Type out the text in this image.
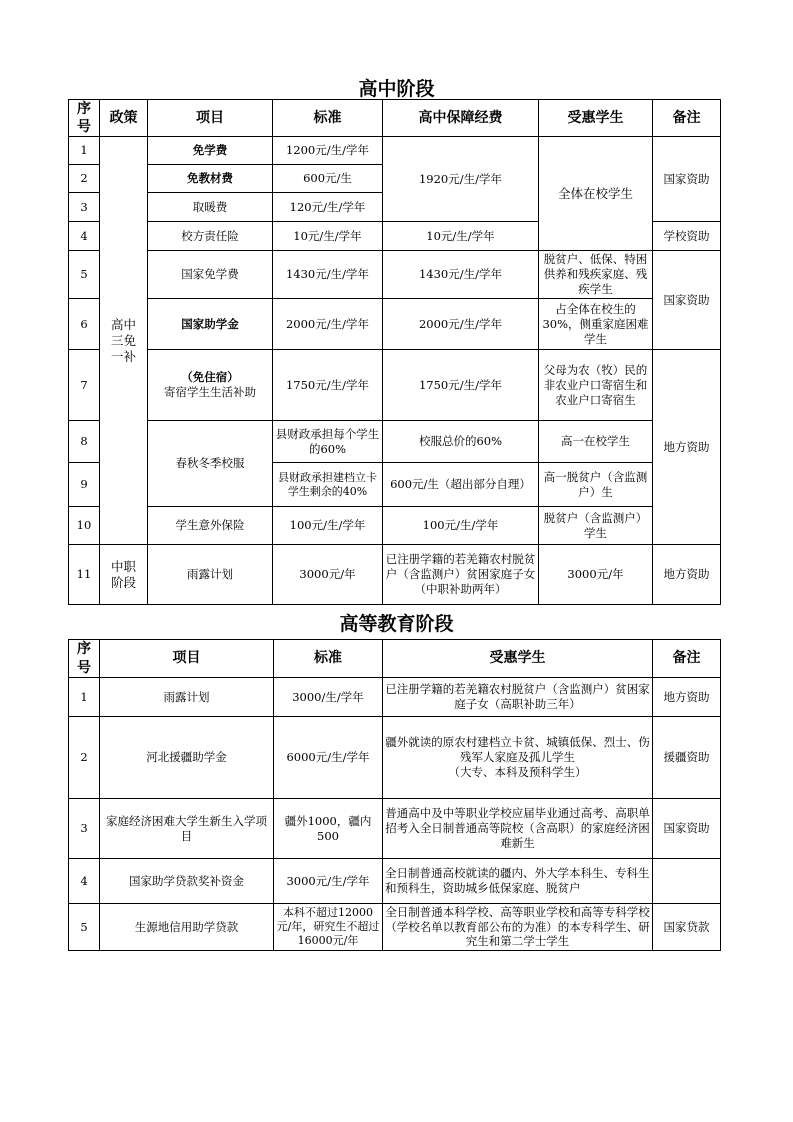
高中阶段
序号	政策	项目	标准	高中保障经费	受惠学生	备注
1	高中三免一补	免学费	1200元/生/学年	1920元/生/学年	全体在校学生	国家资助
2		免教材费	600元/生			
3		取暖费	120元/生/学年			
4		校方责任险	10元/生/学年	10元/生/学年		学校资助
5		国家免学费	1430元/生/学年	1430元/生/学年	脱贫户、低保、特困供养和残疾家庭、残疾学生	国家资助
6		国家助学金	2000元/生/学年	2000元/生/学年	占全体在校生的30%，侧重家庭困难学生	
7		（免住宿）
寄宿学生生活补助	1750元/生/学年	1750元/生/学年	父母为农（牧）民的非农业户口寄宿生和农业户口寄宿生	地方资助
8		春秋冬季校服	县财政承担每个学生的60%	校服总价的60%	高一在校学生	
9			县财政承担建档立卡学生剩余的40%	600元/生（超出部分自理）	高一脱贫户（含监测户）生	
10		学生意外保险	100元/生/学年	100元/生/学年	脱贫户（含监测户）学生	
11	中职阶段	雨露计划	3000元/年	已注册学籍的若羌籍农村脱贫户（含监测户）贫困家庭子女（中职补助两年）	3000元/年	地方资助
高等教育阶段
序号	项目	标准	受惠学生	备注
1	雨露计划	3000/生/学年	已注册学籍的若羌籍农村脱贫户（含监测户）贫困家庭子女（高职补助三年）	地方资助
2	河北援疆助学金	6000元/生/学年	疆外就读的原农村建档立卡贫、城镇低保、烈士、伤残军人家庭及孤儿学生
（大专、本科及预科学生）	援疆资助
3	家庭经济困难大学生新生入学项目	疆外1000，疆内500	普通高中及中等职业学校应届毕业通过高考、高职单招考入全日制普通高等院校（含高职）的家庭经济困难新生	国家资助
4	国家助学贷款奖补资金	3000元/生/学年	全日制普通高校就读的疆内、外大学本科生、专科生和预科生，资助城乡低保家庭、脱贫户	
5	生源地信用助学贷款	本科不超过12000元/年，研究生不超过16000元/年	全日制普通本科学校、高等职业学校和高等专科学校（学校名单以教育部公布的为准）的本专科学生、研究生和第二学士学生	国家贷款
